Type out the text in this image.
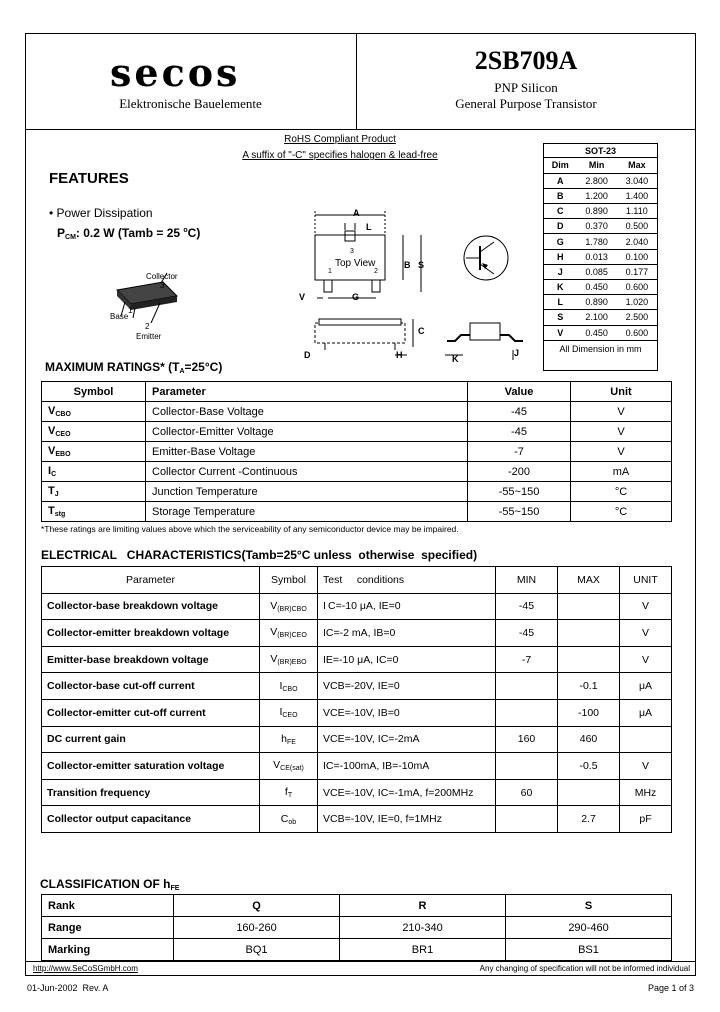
secos
Elektronische Bauelemente
2SB709A
PNP Silicon
General Purpose Transistor
RoHS Compliant Product
A suffix of "-C" specifies halogen & lead-free
FEATURES
• Power Dissipation
$P_{CM}$: 0.2 W (Tamb = 25 $^o$C)
Collector
3
Base
1
2
Emitter
A
L
B S
V	G
C
D	H	K
J
Top View
3
1	2
SOT-23
Dim	Min	Max
A	2.800	3.040
B	1.200	1.400
C	0.890	1.110
D	0.370	0.500
G	1.780	2.040
H	0.013	0.100
J	0.085	0.177
K	0.450	0.600
L	0.890	1.020
S	2.100	2.500
V	0.450	0.600
All Dimension in mm
MAXIMUM RATINGS* $(T_A=25^\circ C)$
Symbol	Parameter	Value	Unit
$V_{CBO}$	Collector-Base Voltage	-45	V
$V_{CEO}$	Collector-Emitter Voltage	-45	V
$V_{EBO}$	Emitter-Base Voltage	-7	V
$I_C$	Collector Current -Continuous	-200	mA
$T_J$	Junction Temperature	-55~150	°C
$T_{stg}$	Storage Temperature	-55~150	°C
*These ratings are limiting values above which the serviceability of any semiconductor device may be impaired.
ELECTRICAL   CHARACTERISTICS(Tamb=25°C unless  otherwise  specified)
Parameter	Symbol	Test     conditions	MIN	MAX	UNIT
Collector-base breakdown voltage	$V_{(BR)CBO}$	I C=-10 μA, IE=0	-45		V
Collector-emitter breakdown voltage	$V_{(BR)CEO}$	IC=-2 mA, IB=0	-45		V
Emitter-base breakdown voltage	$V_{(BR)EBO}$	IE=-10 μA, IC=0	-7		V
Collector-base cut-off current	$I_{CBO}$	VCB=-20V, IE=0		-0.1	μA
Collector-emitter cut-off current	$I_{CEO}$	VCE=-10V, IB=0		-100	μA
DC current gain	$h_{FE}$	VCE=-10V, IC=-2mA	160	460	
Collector-emitter saturation voltage	$V_{CE(sat)}$	IC=-100mA, IB=-10mA		-0.5	V
Transition frequency	$f_T$	VCE=-10V, IC=-1mA, f=200MHz	60		MHz
Collector output capacitance	$C_{ob}$	VCB=-10V, IE=0, f=1MHz		2.7	pF
CLASSIFICATION OF $h_{FE}$
Rank	Q	R	S
Range	160-260	210-340	290-460
Marking	BQ1	BR1	BS1
http://www.SeCoSGmbH.com	Any changing of specification will not be informed individual
01-Jun-2002  Rev. A	Page 1 of 3
